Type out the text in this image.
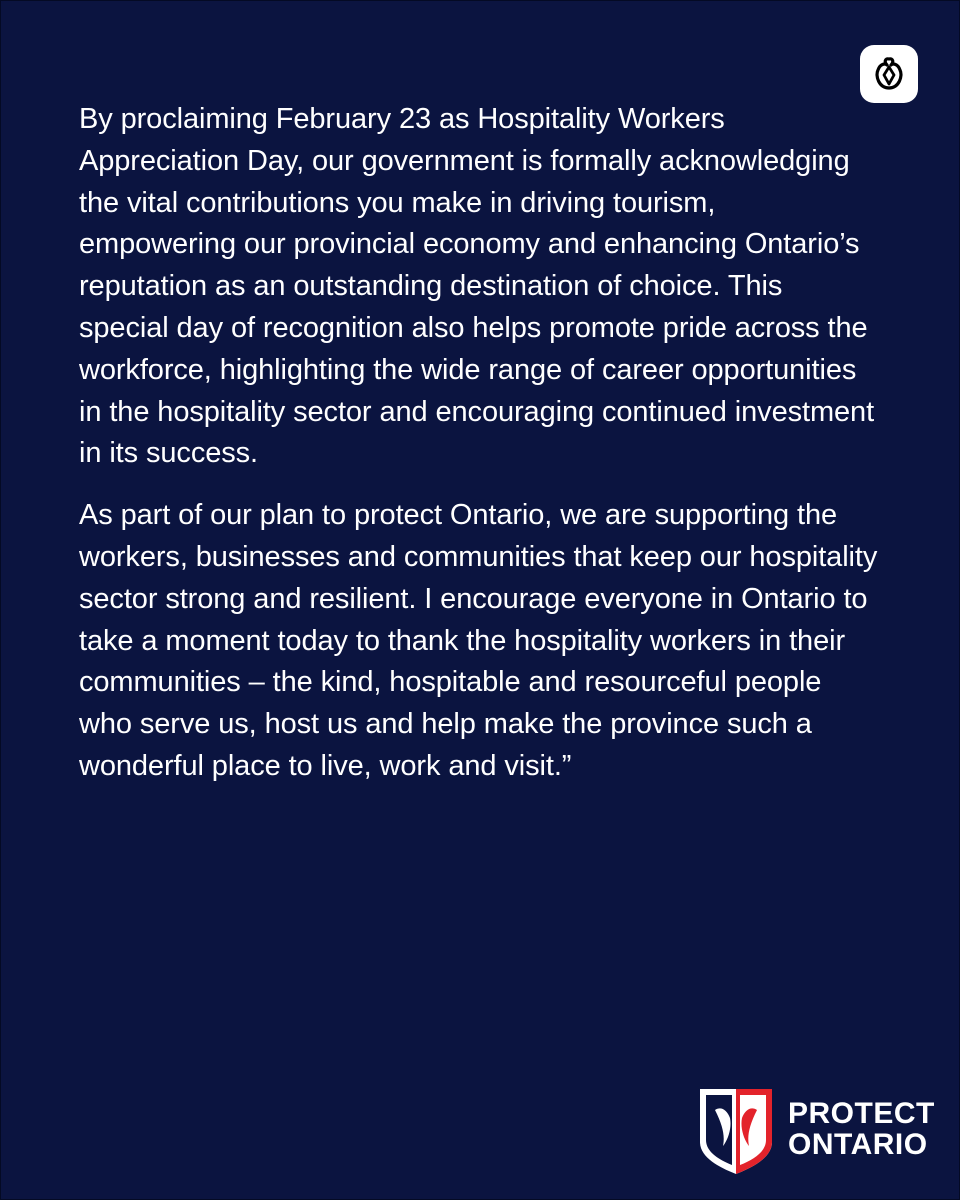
By proclaiming February 23 as Hospitality Workers Appreciation Day, our government is formally acknowledging the vital contributions you make in driving tourism, empowering our provincial economy and enhancing Ontario’s reputation as an outstanding destination of choice. This special day of recognition also helps promote pride across the workforce, highlighting the wide range of career opportunities in the hospitality sector and encouraging continued investment in its success.

As part of our plan to protect Ontario, we are supporting the workers, businesses and communities that keep our hospitality sector strong and resilient. I encourage everyone in Ontario to take a moment today to thank the hospitality workers in their communities – the kind, hospitable and resourceful people who serve us, host us and help make the province such a wonderful place to live, work and visit.”

PROTECT
ONTARIO
